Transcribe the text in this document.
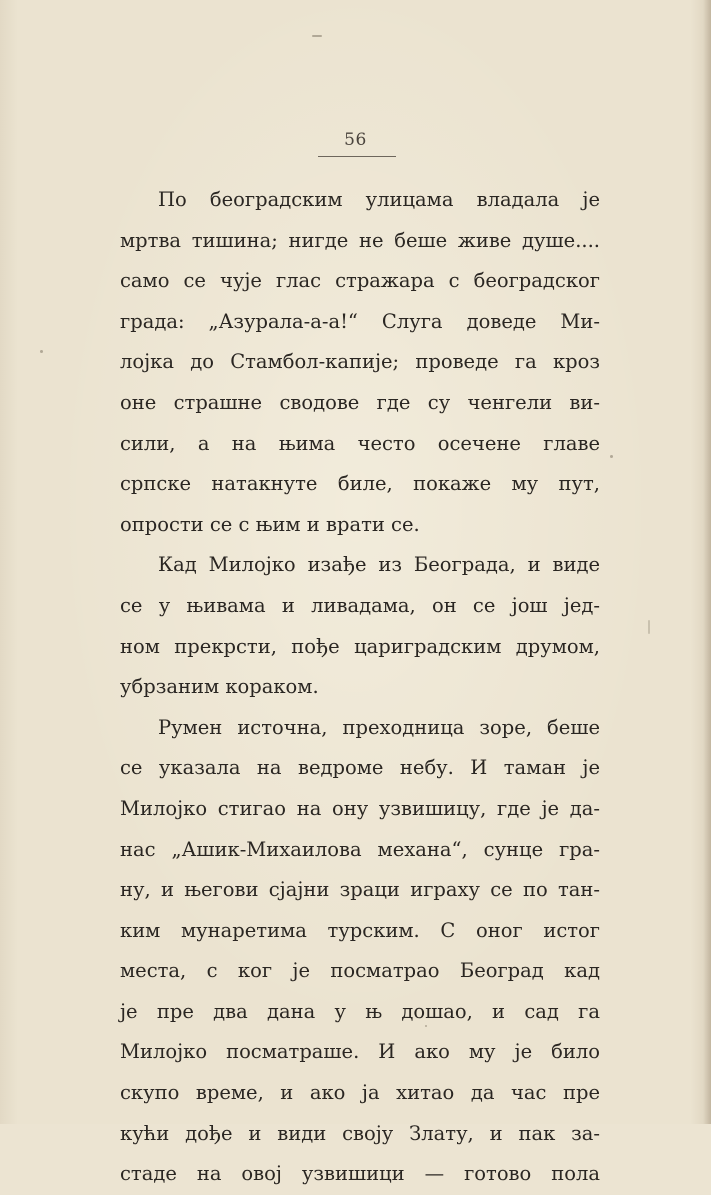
56
По београдским улицама владала је
мртва тишина; нигде не беше живе душе....
само се чује глас стражара с београдског
града: „Азурала-а-а!“ Слуга доведе Ми-
лојка до Стамбол-капије; проведе га кроз
оне страшне сводове где су ченгели ви-
сили, а на њима често осечене главе
српске натакнуте биле, покаже му пут,
опрости се с њим и врати се.
Кад Милојко изађе из Београда, и виде
се у њивама и ливадама, он се још јед-
ном прекрсти, пође цариградским друмом,
убрзаним кораком.
Румен источна, преходница зоре, беше
се указала на ведроме небу. И таман је
Милојко стигао на ону узвишицу, где је да-
нас „Ашик-Михаилова механа“, сунце гра-
ну, и његови сјајни зраци играху се по тан-
ким мунаретима турским. С оног истог
места, с ког је посматрао Београд кад
је пре два дана у њ дошао, и сад га
Милојко посматраше. И ако му је било
скупо време, и ако ја хитао да час пре
кући дође и види своју Злату, и пак за-
стаде на овој узвишици — готово пола
